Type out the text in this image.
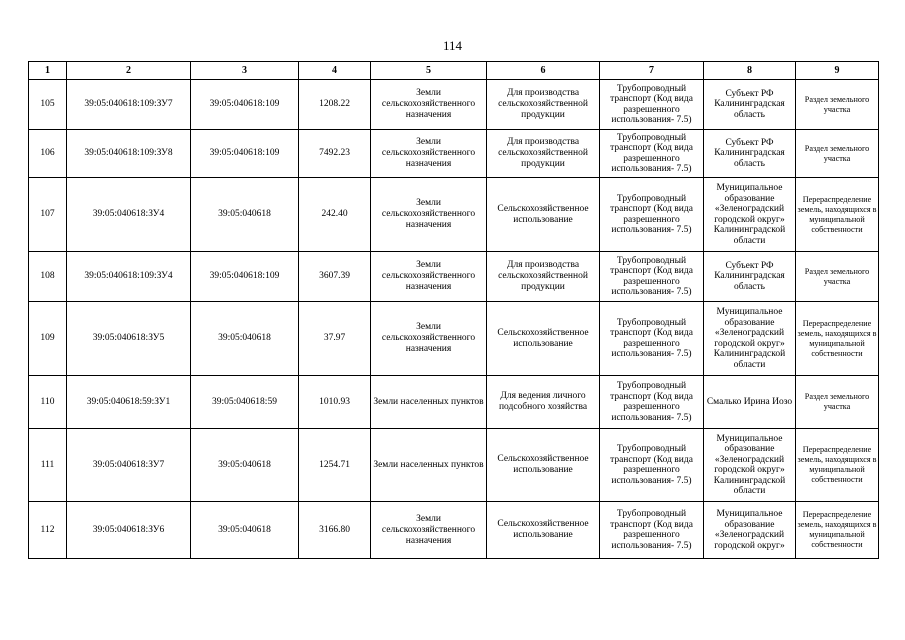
114
1	2	3	4	5	6	7	8	9
105	39:05:040618:109:ЗУ7	39:05:040618:109	1208.22	Земли сельскохозяйственного назначения	Для производства сельскохозяйственной продукции	Трубопроводный транспорт (Код вида разрешенного использования- 7.5)	Субъект РФ Калининградская область	Раздел земельного участка
106	39:05:040618:109:ЗУ8	39:05:040618:109	7492.23	Земли сельскохозяйственного назначения	Для производства сельскохозяйственной продукции	Трубопроводный транспорт (Код вида разрешенного использования- 7.5)	Субъект РФ Калининградская область	Раздел земельного участка
107	39:05:040618:ЗУ4	39:05:040618	242.40	Земли сельскохозяйственного назначения	Сельскохозяйственное использование	Трубопроводный транспорт (Код вида разрешенного использования- 7.5)	Муниципальное образование «Зеленоградский городской округ» Калининградской области	Перераспределение земель, находящихся в муниципальной собственности
108	39:05:040618:109:ЗУ4	39:05:040618:109	3607.39	Земли сельскохозяйственного назначения	Для производства сельскохозяйственной продукции	Трубопроводный транспорт (Код вида разрешенного использования- 7.5)	Субъект РФ Калининградская область	Раздел земельного участка
109	39:05:040618:ЗУ5	39:05:040618	37.97	Земли сельскохозяйственного назначения	Сельскохозяйственное использование	Трубопроводный транспорт (Код вида разрешенного использования- 7.5)	Муниципальное образование «Зеленоградский городской округ» Калининградской области	Перераспределение земель, находящихся в муниципальной собственности
110	39:05:040618:59:ЗУ1	39:05:040618:59	1010.93	Земли населенных пунктов	Для ведения личного подсобного хозяйства	Трубопроводный транспорт (Код вида разрешенного использования- 7.5)	Смалько Ирина Иозо	Раздел земельного участка
111	39:05:040618:ЗУ7	39:05:040618	1254.71	Земли населенных пунктов	Сельскохозяйственное использование	Трубопроводный транспорт (Код вида разрешенного использования- 7.5)	Муниципальное образование «Зеленоградский городской округ» Калининградской области	Перераспределение земель, находящихся в муниципальной собственности
112	39:05:040618:ЗУ6	39:05:040618	3166.80	Земли сельскохозяйственного назначения	Сельскохозяйственное использование	Трубопроводный транспорт (Код вида разрешенного использования- 7.5)	Муниципальное образование «Зеленоградский городской округ»	Перераспределение земель, находящихся в муниципальной собственности
